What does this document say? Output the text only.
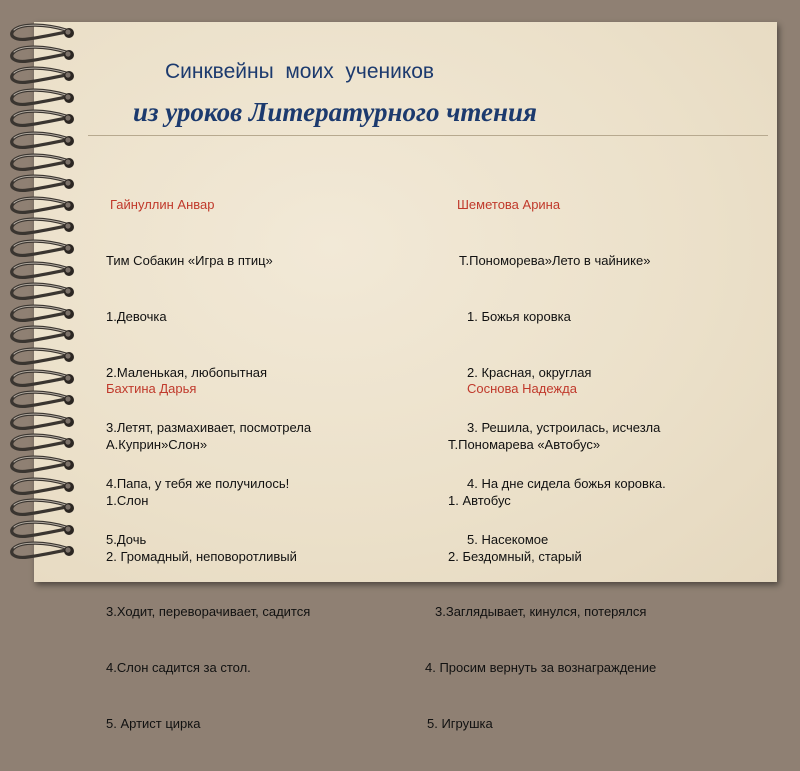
Синквейны  моих  учеников
из уроков Литературного чтения

Гайнуллин Анвар

Тим Собакин «Игра в птиц»

1.Девочка

2.Маленькая, любопытная

3.Летят, размахивает, посмотрела

4.Папа, у тебя же получилось!

5.Дочь

Шеметова Арина

Т.Пономорева»Лето в чайнике»

1. Божья коровка

2. Красная, округлая

3. Решила, устроилась, исчезла

4. На дне сидела божья коровка.

5. Насекомое

Бахтина Дарья

А.Куприн»Слон»

1.Слон

2. Громадный, неповоротливый

3.Ходит, переворачивает, садится

4.Слон садится за стол.

5. Артист цирка

Соснова Надежда

Т.Пономарева «Автобус»

1. Автобус

2. Бездомный, старый

3.Заглядывает, кинулся, потерялся

4. Просим вернуть за вознаграждение

5. Игрушка
